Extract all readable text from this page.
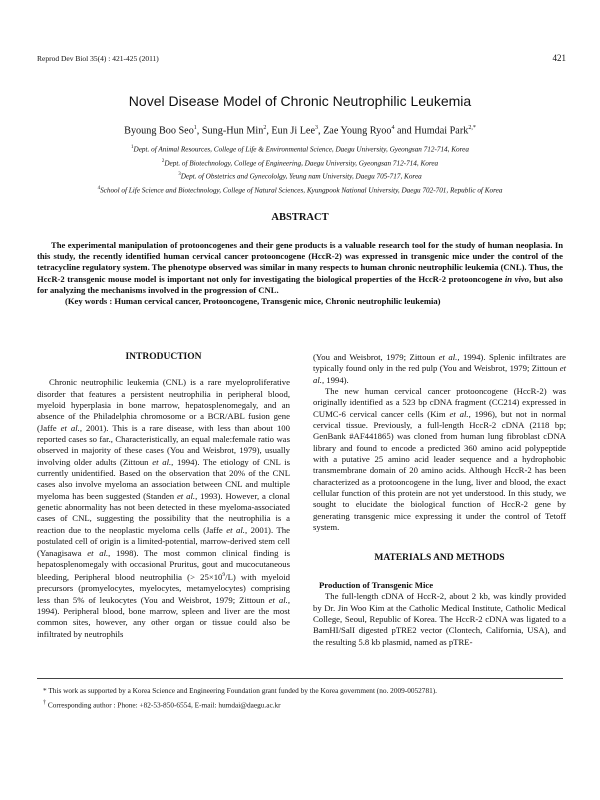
Reprod Dev Biol 35(4) : 421-425 (2011)	421
Novel Disease Model of Chronic Neutrophilic Leukemia
Byoung Boo Seo$^1$, Sung-Hun Min$^2$, Eun Ji Lee$^3$, Zae Young Ryoo$^4$ and Humdai Park$^{2,*}$
$^1$Dept. of Animal Resources, College of Life & Environmental Science, Daegu University, Gyeongsan 712-714, Korea
$^2$Dept. of Biotechnology, College of Engineering, Daegu University, Gyeongsan 712-714, Korea
$^3$Dept. of Obstetrics and Gynecololgy, Yeung nam University, Daegu 705-717, Korea
$^4$School of Life Science and Biotechnology, College of Natural Sciences, Kyungpook National University, Daegu 702-701, Republic of Korea
ABSTRACT

The experimental manipulation of protooncogenes and their gene products is a valuable research tool for the study of human neoplasia. In this study, the recently identified human cervical cancer protooncogene (HccR-2) was expressed in transgenic mice under the control of the tetracycline regulatory system. The phenotype observed was similar in many respects to human chronic neutrophilic leukemia (CNL). Thus, the HccR-2 transgenic mouse model is important not only for investigating the biological properties of the HccR-2 protooncogene in vivo, but also for analyzing the mechanisms involved in the progression of CNL.

(Key words : Human cervical cancer, Protooncogene, Transgenic mice, Chronic neutrophilic leukemia)

INTRODUCTION

Chronic neutrophilic leukemia (CNL) is a rare myeloproliferative disorder that features a persistent neutrophilia in peripheral blood, myeloid hyperplasia in bone marrow, hepatosplenomegaly, and an absence of the Philadelphia chromosome or a BCR/ABL fusion gene (Jaffe et al., 2001). This is a rare disease, with less than about 100 reported cases so far., Characteristically, an equal male:female ratio was observed in majority of these cases (You and Weisbrot, 1979), usually involving older adults (Zittoun et al., 1994). The etiology of CNL is currently unidentified. Based on the observation that 20% of the CNL cases also involve myeloma an association between CNL and multiple myeloma has been suggested (Standen et al., 1993). However, a clonal genetic abnormality has not been detected in these myeloma-associated cases of CNL, suggesting the possibility that the neutrophilia is a reaction due to the neoplastic myeloma cells (Jaffe et al., 2001). The postulated cell of origin is a limited-potential, marrow-derived stem cell (Yanagisawa et al., 1998). The most common clinical finding is hepatosplenomegaly with occasional Pruritus, gout and mucocutaneous bleeding, Peripheral blood neutrophilia (> $25\times 10^9/L$) with myeloid precursors (promyelocytes, myelocytes, metamyelocytes) comprising less than 5% of leukocytes (You and Weisbrot, 1979; Zittoun et al., 1994). Peripheral blood, bone marrow, spleen and liver are the most common sites, however, any other organ or tissue could also be infiltrated by neutrophils

(You and Weisbrot, 1979; Zittoun et al., 1994). Splenic infiltrates are typically found only in the red pulp (You and Weisbrot, 1979; Zittoun et al., 1994).

The new human cervical cancer protooncogene (HccR-2) was originally identified as a 523 bp cDNA fragment (CC214) expressed in CUMC-6 cervical cancer cells (Kim et al., 1996), but not in normal cervical tissue. Previously, a full-length HccR-2 cDNA (2118 bp; GenBank #AF441865) was cloned from human lung fibroblast cDNA library and found to encode a predicted 360 amino acid polypeptide with a putative 25 amino acid leader sequence and a hydrophobic transmembrane domain of 20 amino acids. Although HccR-2 has been characterized as a protooncogene in the lung, liver and blood, the exact cellular function of this protein are not yet understood. In this study, we sought to elucidate the biological function of HccR-2 gene by generating transgenic mice expressing it under the control of Tetoff system.

MATERIALS AND METHODS

Production of Transgenic Mice

The full-length cDNA of HccR-2, about 2 kb, was kindly provided by Dr. Jin Woo Kim at the Catholic Medical Institute, Catholic Medical College, Seoul, Republic of Korea. The HccR-2 cDNA was ligated to a BamHI/SalI digested pTRE2 vector (Clontech, California, USA), and the resulting 5.8 kb plasmid, named as pTRE-

* This work as supported by a Korea Science and Engineering Foundation grant funded by the Korea government (no. 2009-0052781).

† Corresponding author : Phone: +82-53-850-6554, E-mail: humdai@daegu.ac.kr
